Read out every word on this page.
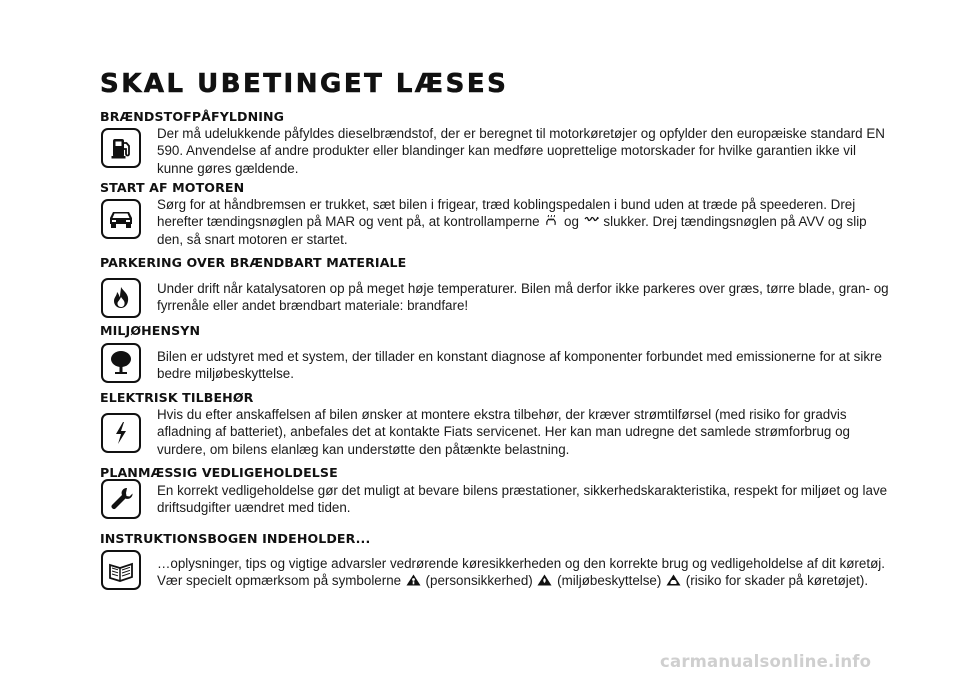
SKAL UBETINGET LÆSES
BRÆNDSTOFPÅFYLDNING

Der må udelukkende påfyldes dieselbrændstof, der er beregnet til motorkøretøjer og opfylder den europæiske standard EN 590. Anvendelse af andre produkter eller blandinger kan medføre uoprettelige motorskader for hvilke garantien ikke vil kunne gøres gældende.

START AF MOTOREN

Sørg for at håndbremsen er trukket, sæt bilen i frigear, træd koblingspedalen i bund uden at træde på speederen. Drej herefter tændingsnøglen på MAR og vent på, at kontrollamperne  og  slukker. Drej tændingsnøglen på AVV og slip den, så snart motoren er startet.

PARKERING OVER BRÆNDBART MATERIALE

Under drift når katalysatoren op på meget høje temperaturer. Bilen må derfor ikke parkeres over græs, tørre blade, gran- og fyrrenåle eller andet brændbart materiale: brandfare!

MILJØHENSYN

Bilen er udstyret med et system, der tillader en konstant diagnose af komponenter forbundet med emissionerne for at sikre bedre miljøbeskyttelse.

ELEKTRISK TILBEHØR

Hvis du efter anskaffelsen af bilen ønsker at montere ekstra tilbehør, der kræver strømtilførsel (med risiko for gradvis afladning af batteriet), anbefales det at kontakte Fiats servicenet. Her kan man udregne det samlede strømforbrug og vurdere, om bilens elanlæg kan understøtte den påtænkte belastning.

PLANMÆSSIG VEDLIGEHOLDELSE

En korrekt vedligeholdelse gør det muligt at bevare bilens præstationer, sikkerhedskarakteristika, respekt for miljøet og lave driftsudgifter uændret med tiden.

INSTRUKTIONSBOGEN INDEHOLDER...

…oplysninger, tips og vigtige advarsler vedrørende køresikkerheden og den korrekte brug og vedligeholdelse af dit køretøj.
Vær specielt opmærksom på symbolerne  (personsikkerhed)  (miljøbeskyttelse)  (risiko for skader på køretøjet).

carmanualsonline.info
